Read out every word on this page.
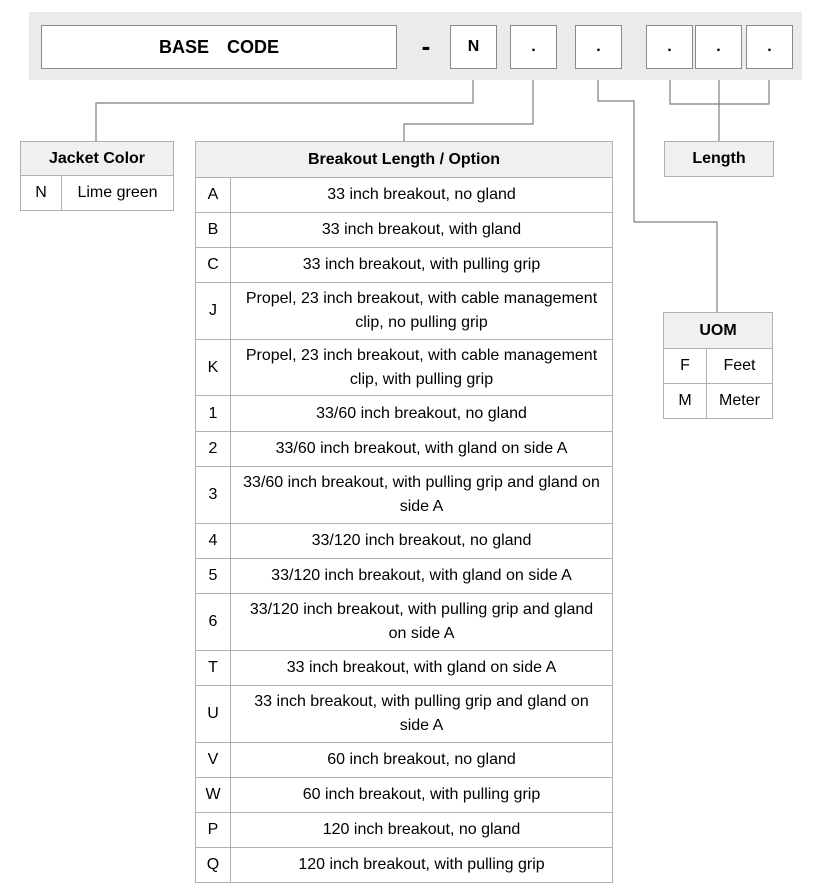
BASE  CODE	-	N	.	.	.	.	.
Jacket Color
N	Lime green
Breakout Length / Option	
A	33 inch breakout, no gland
B	33 inch breakout, with gland
C	33 inch breakout, with pulling grip
J	Propel, 23 inch breakout, with cable management clip, no pulling grip
K	Propel, 23 inch breakout, with cable management clip, with pulling grip
1	33/60 inch breakout, no gland
2	33/60 inch breakout, with gland on side A
3	33/60 inch breakout, with pulling grip and gland on side A
4	33/120 inch breakout, no gland
5	33/120 inch breakout, with gland on side A
6	33/120 inch breakout, with pulling grip and gland on side A
T	33 inch breakout, with gland on side A
U	33 inch breakout, with pulling grip and gland on side A
V	60 inch breakout, no gland
W	60 inch breakout, with pulling grip
P	120 inch breakout, no gland
Q	120 inch breakout, with pulling grip
Length
UOM	
F	Feet
M	Meter
